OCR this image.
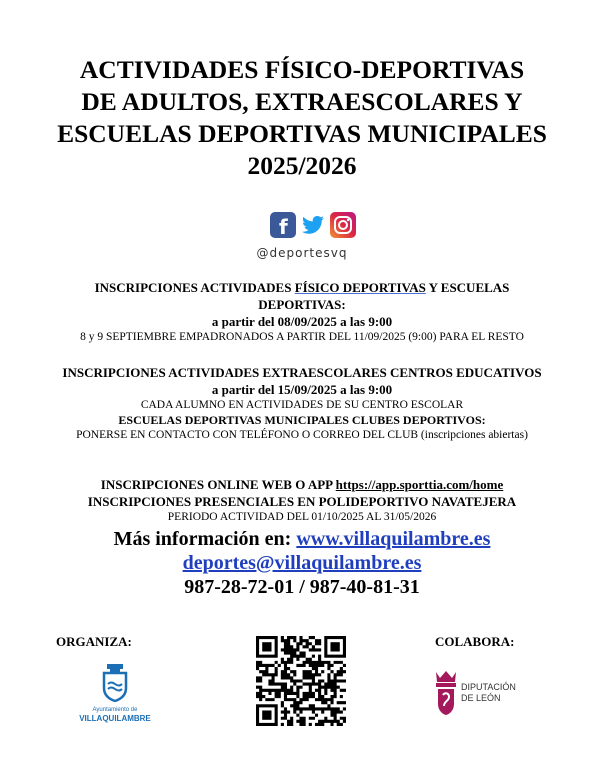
ACTIVIDADES FÍSICO-DEPORTIVAS
DE ADULTOS, EXTRAESCOLARES Y
ESCUELAS DEPORTIVAS MUNICIPALES
2025/2026
f
@deportesvq
INSCRIPCIONES ACTIVIDADES FÍSICO DEPORTIVAS Y ESCUELAS
DEPORTIVAS:
a partir del 08/09/2025 a las 9:00
8 y 9 SEPTIEMBRE EMPADRONADOS A PARTIR DEL 11/09/2025 (9:00) PARA EL RESTO
INSCRIPCIONES ACTIVIDADES EXTRAESCOLARES CENTROS EDUCATIVOS
a partir del 15/09/2025 a las 9:00
CADA ALUMNO EN ACTIVIDADES DE SU CENTRO ESCOLAR
ESCUELAS DEPORTIVAS MUNICIPALES CLUBES DEPORTIVOS:
PONERSE EN CONTACTO CON TELÉFONO O CORREO DEL CLUB (inscripciones abiertas)
INSCRIPCIONES ONLINE WEB O APP https://app.sporttia.com/home
INSCRIPCIONES PRESENCIALES EN POLIDEPORTIVO NAVATEJERA
PERIODO ACTIVIDAD DEL 01/10/2025 AL 31/05/2026
Más información en: www.villaquilambre.es
deportes@villaquilambre.es
987-28-72-01 / 987-40-81-31
ORGANIZA:	COLABORA:
Ayuntamiento de
VILLAQUILAMBRE
DIPUTACIÓN
DE LEÓN
